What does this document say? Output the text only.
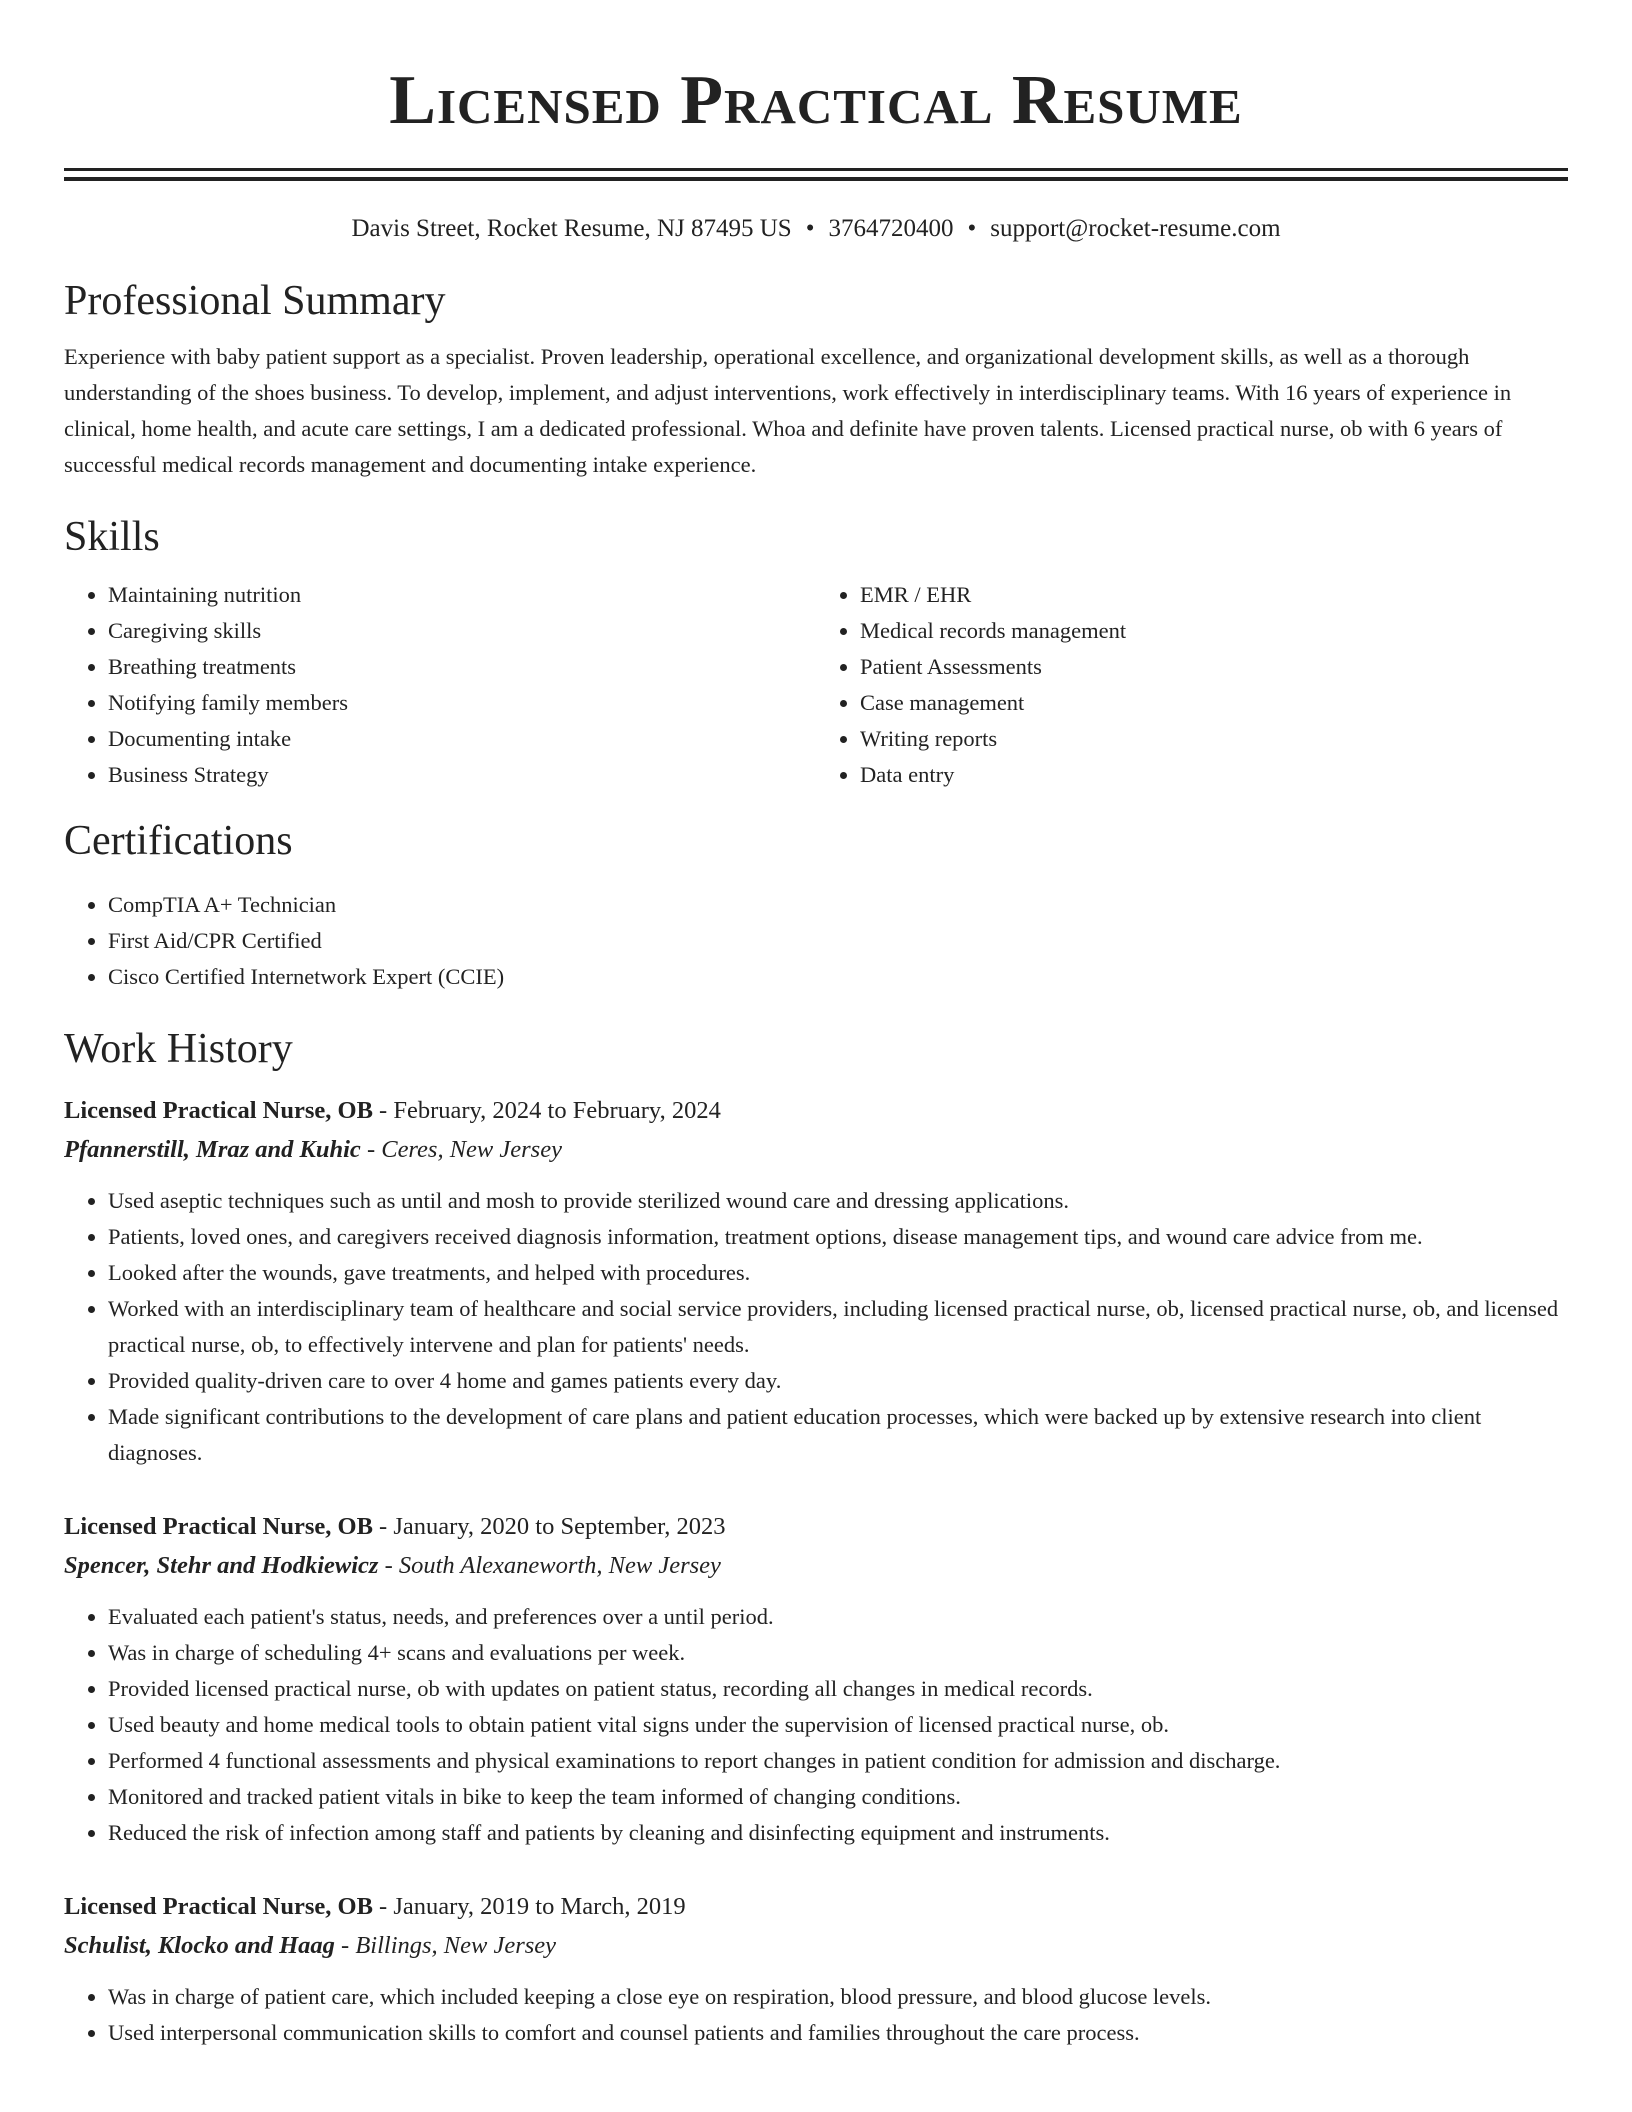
Licensed Practical Resume
Davis Street, Rocket Resume, NJ 87495 US • 3764720400 • support@rocket-resume.com
Professional Summary

Experience with baby patient support as a specialist. Proven leadership, operational excellence, and organizational development skills, as well as a thorough understanding of the shoes business. To develop, implement, and adjust interventions, work effectively in interdisciplinary teams. With 16 years of experience in clinical, home health, and acute care settings, I am a dedicated professional. Whoa and definite have proven talents. Licensed practical nurse, ob with 6 years of successful medical records management and documenting intake experience.

Skills
• Maintaining nutrition
• Caregiving skills
• Breathing treatments
• Notifying family members
• Documenting intake
• Business Strategy
• EMR / EHR
• Medical records management
• Patient Assessments
• Case management
• Writing reports
• Data entry
Certifications
• CompTIA A+ Technician
• First Aid/CPR Certified
• Cisco Certified Internetwork Expert (CCIE)
Work History
Licensed Practical Nurse, OB - February, 2024 to February, 2024
Pfannerstill, Mraz and Kuhic - Ceres, New Jersey
• Used aseptic techniques such as until and mosh to provide sterilized wound care and dressing applications.
• Patients, loved ones, and caregivers received diagnosis information, treatment options, disease management tips, and wound care advice from me.
• Looked after the wounds, gave treatments, and helped with procedures.
• Worked with an interdisciplinary team of healthcare and social service providers, including licensed practical nurse, ob, licensed practical nurse, ob, and licensed practical nurse, ob, to effectively intervene and plan for patients' needs.
• Provided quality-driven care to over 4 home and games patients every day.
• Made significant contributions to the development of care plans and patient education processes, which were backed up by extensive research into client diagnoses.
Licensed Practical Nurse, OB - January, 2020 to September, 2023
Spencer, Stehr and Hodkiewicz - South Alexaneworth, New Jersey
• Evaluated each patient's status, needs, and preferences over a until period.
• Was in charge of scheduling 4+ scans and evaluations per week.
• Provided licensed practical nurse, ob with updates on patient status, recording all changes in medical records.
• Used beauty and home medical tools to obtain patient vital signs under the supervision of licensed practical nurse, ob.
• Performed 4 functional assessments and physical examinations to report changes in patient condition for admission and discharge.
• Monitored and tracked patient vitals in bike to keep the team informed of changing conditions.
• Reduced the risk of infection among staff and patients by cleaning and disinfecting equipment and instruments.
Licensed Practical Nurse, OB - January, 2019 to March, 2019
Schulist, Klocko and Haag - Billings, New Jersey
• Was in charge of patient care, which included keeping a close eye on respiration, blood pressure, and blood glucose levels.
• Used interpersonal communication skills to comfort and counsel patients and families throughout the care process.
